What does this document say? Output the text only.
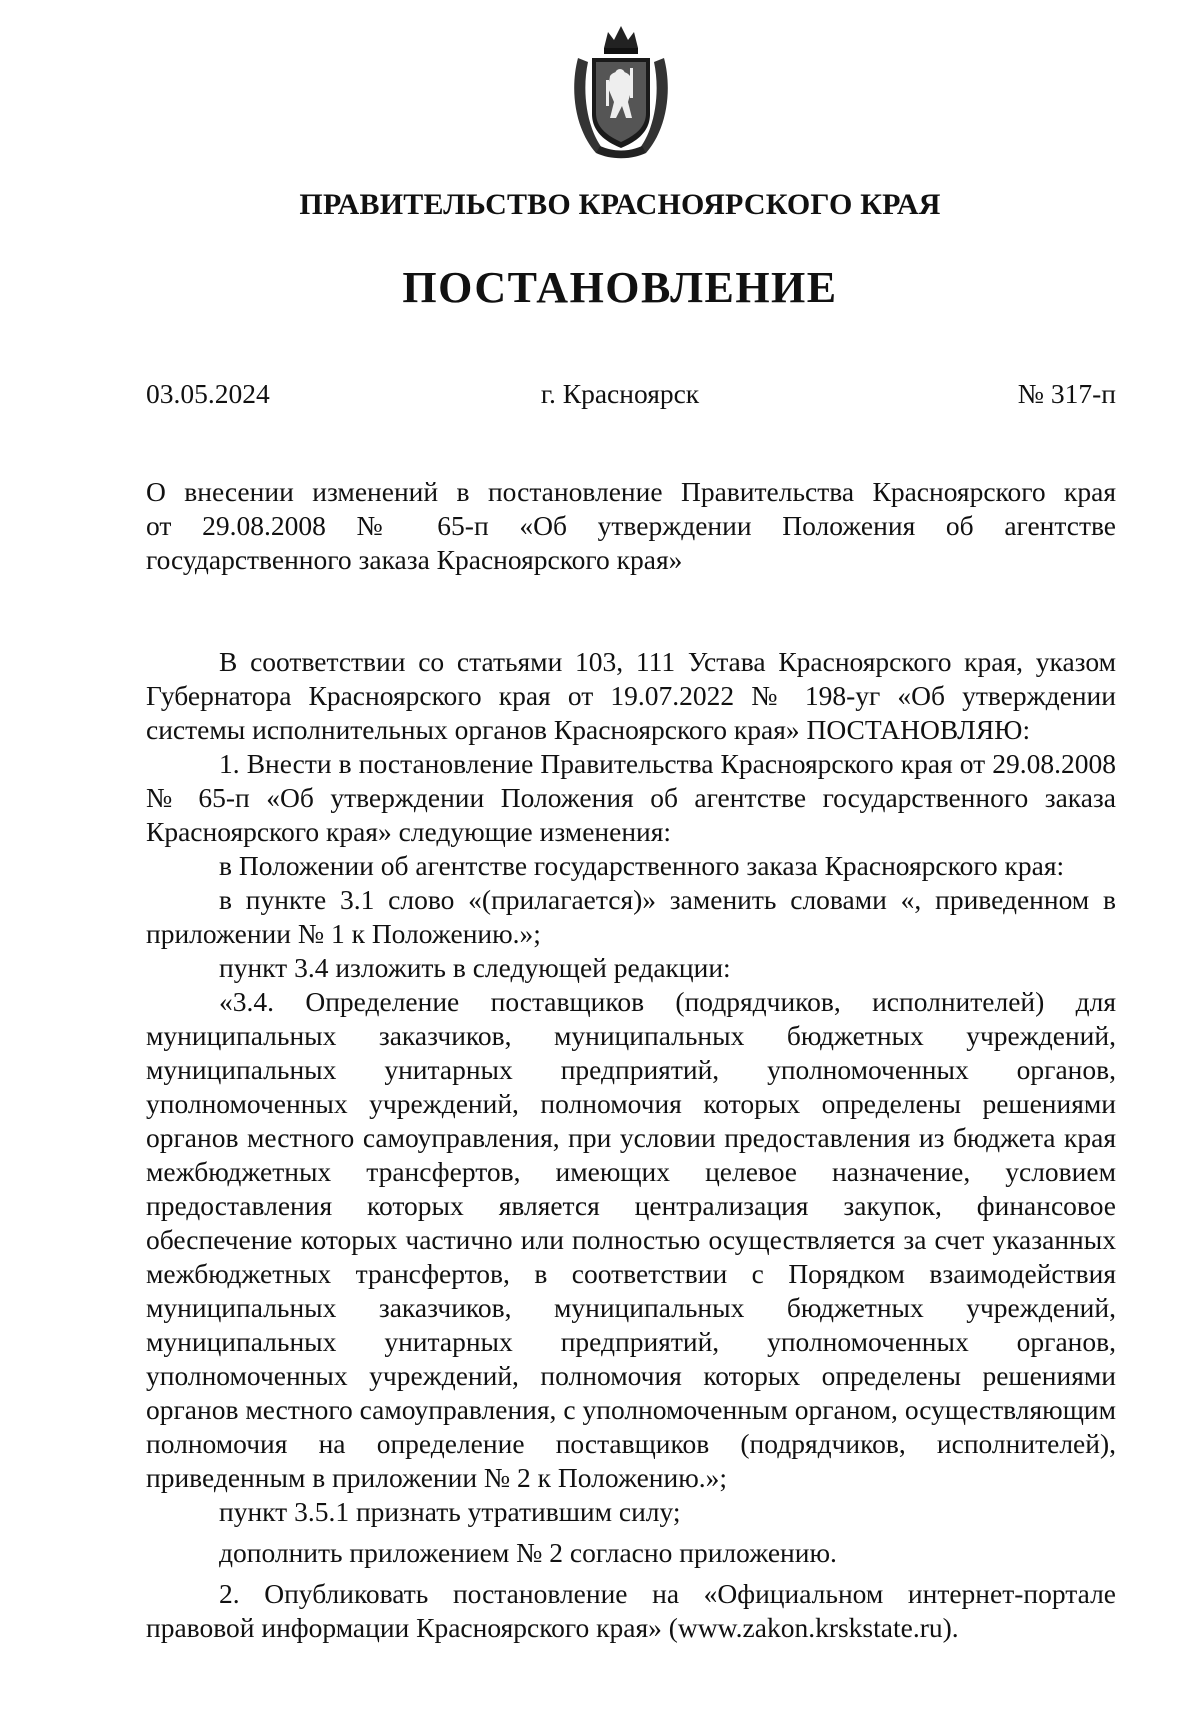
ПРАВИТЕЛЬСТВО КРАСНОЯРСКОГО КРАЯ
ПОСТАНОВЛЕНИЕ
03.05.2024	г. Красноярск	№ 317-п
О внесении изменений в постановление Правительства Красноярского края
от 29.08.2008 № 65-п «Об утверждении Положения об агентстве
государственного заказа Красноярского края»

В соответствии со статьями 103, 111 Устава Красноярского края, указом Губернатора Красноярского края от 19.07.2022 № 198-уг «Об утверждении системы исполнительных органов Красноярского края» ПОСТАНОВЛЯЮ:

1. Внести в постановление Правительства Красноярского края от 29.08.2008 № 65-п «Об утверждении Положения об агентстве государственного заказа Красноярского края» следующие изменения:

в Положении об агентстве государственного заказа Красноярского края:

в пункте 3.1 слово «(прилагается)» заменить словами «, приведенном в приложении № 1 к Положению.»;

пункт 3.4 изложить в следующей редакции:

«3.4. Определение поставщиков (подрядчиков, исполнителей) для муниципальных заказчиков, муниципальных бюджетных учреждений, муниципальных унитарных предприятий, уполномоченных органов, уполномоченных учреждений, полномочия которых определены решениями органов местного самоуправления, при условии предоставления из бюджета края межбюджетных трансфертов, имеющих целевое назначение, условием предоставления которых является централизация закупок, финансовое обеспечение которых частично или полностью осуществляется за счет указанных межбюджетных трансфертов, в соответствии с Порядком взаимодействия муниципальных заказчиков, муниципальных бюджетных учреждений, муниципальных унитарных предприятий, уполномоченных органов, уполномоченных учреждений, полномочия которых определены решениями органов местного самоуправления, с уполномоченным органом, осуществляющим полномочия на определение поставщиков (подрядчиков, исполнителей), приведенным в приложении № 2 к Положению.»;

пункт 3.5.1 признать утратившим силу;

дополнить приложением № 2 согласно приложению.

2. Опубликовать постановление на «Официальном интернет-портале правовой информации Красноярского края» (www.zakon.krskstate.ru).
